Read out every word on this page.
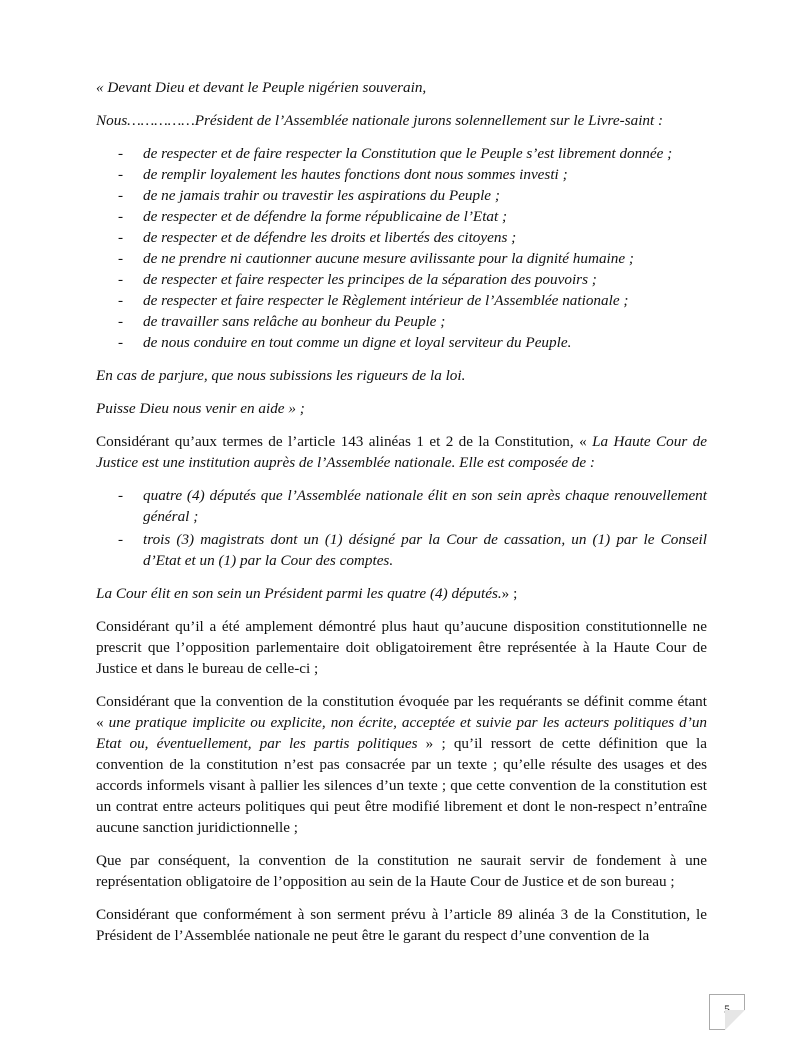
« Devant Dieu et devant le Peuple nigérien souverain,

Nous……………Président de l’Assemblée nationale jurons solennellement sur le Livre-saint :

- de respecter et de faire respecter la Constitution que le Peuple s’est librement donnée ;
- de remplir loyalement les hautes fonctions dont nous sommes investi ;
- de ne jamais trahir ou travestir les aspirations du Peuple ;
- de respecter et de défendre la forme républicaine de l’Etat ;
- de respecter et de défendre les droits et libertés des citoyens ;
- de ne prendre ni cautionner aucune mesure avilissante pour la dignité humaine ;
- de respecter et faire respecter les principes de la séparation des pouvoirs ;
- de respecter et faire respecter le Règlement intérieur de l’Assemblée nationale ;
- de travailler sans relâche au bonheur du Peuple ;
- de nous conduire en tout comme un digne et loyal serviteur du Peuple.

En cas de parjure, que nous subissions les rigueurs de la loi.

Puisse Dieu nous venir en aide » ;

Considérant qu’aux termes de l’article 143 alinéas 1 et 2 de la Constitution, « La Haute Cour de Justice est une institution auprès de l’Assemblée nationale. Elle est composée de :

- quatre (4) députés que l’Assemblée nationale élit en son sein après chaque renouvellement général ;
- trois (3) magistrats dont un (1) désigné par la Cour de cassation, un (1) par le Conseil d’Etat et un (1) par la Cour des comptes.

La Cour élit en son sein un Président parmi les quatre (4) députés.» ;

Considérant qu’il a été amplement démontré plus haut qu’aucune disposition constitutionnelle ne prescrit que l’opposition parlementaire doit obligatoirement être représentée à la Haute Cour de Justice et dans le bureau de celle-ci ;

Considérant que la convention de la constitution évoquée par les requérants se définit comme étant « une pratique implicite ou explicite, non écrite, acceptée et suivie par les acteurs politiques d’un Etat ou, éventuellement, par les partis politiques » ; qu’il ressort de cette définition que la convention de la constitution n’est pas consacrée par un texte ; qu’elle résulte des usages et des accords informels visant à pallier les silences d’un texte ; que cette convention de la constitution est un contrat entre acteurs politiques qui peut être modifié librement et dont le non-respect n’entraîne aucune sanction juridictionnelle ;

Que par conséquent, la convention de la constitution ne saurait servir de fondement à une représentation obligatoire de l’opposition au sein de la Haute Cour de Justice et de son bureau ;

Considérant que conformément à son serment prévu à l’article 89 alinéa 3 de la Constitution, le Président de l’Assemblée nationale ne peut être le garant du respect d’une convention de la

5
